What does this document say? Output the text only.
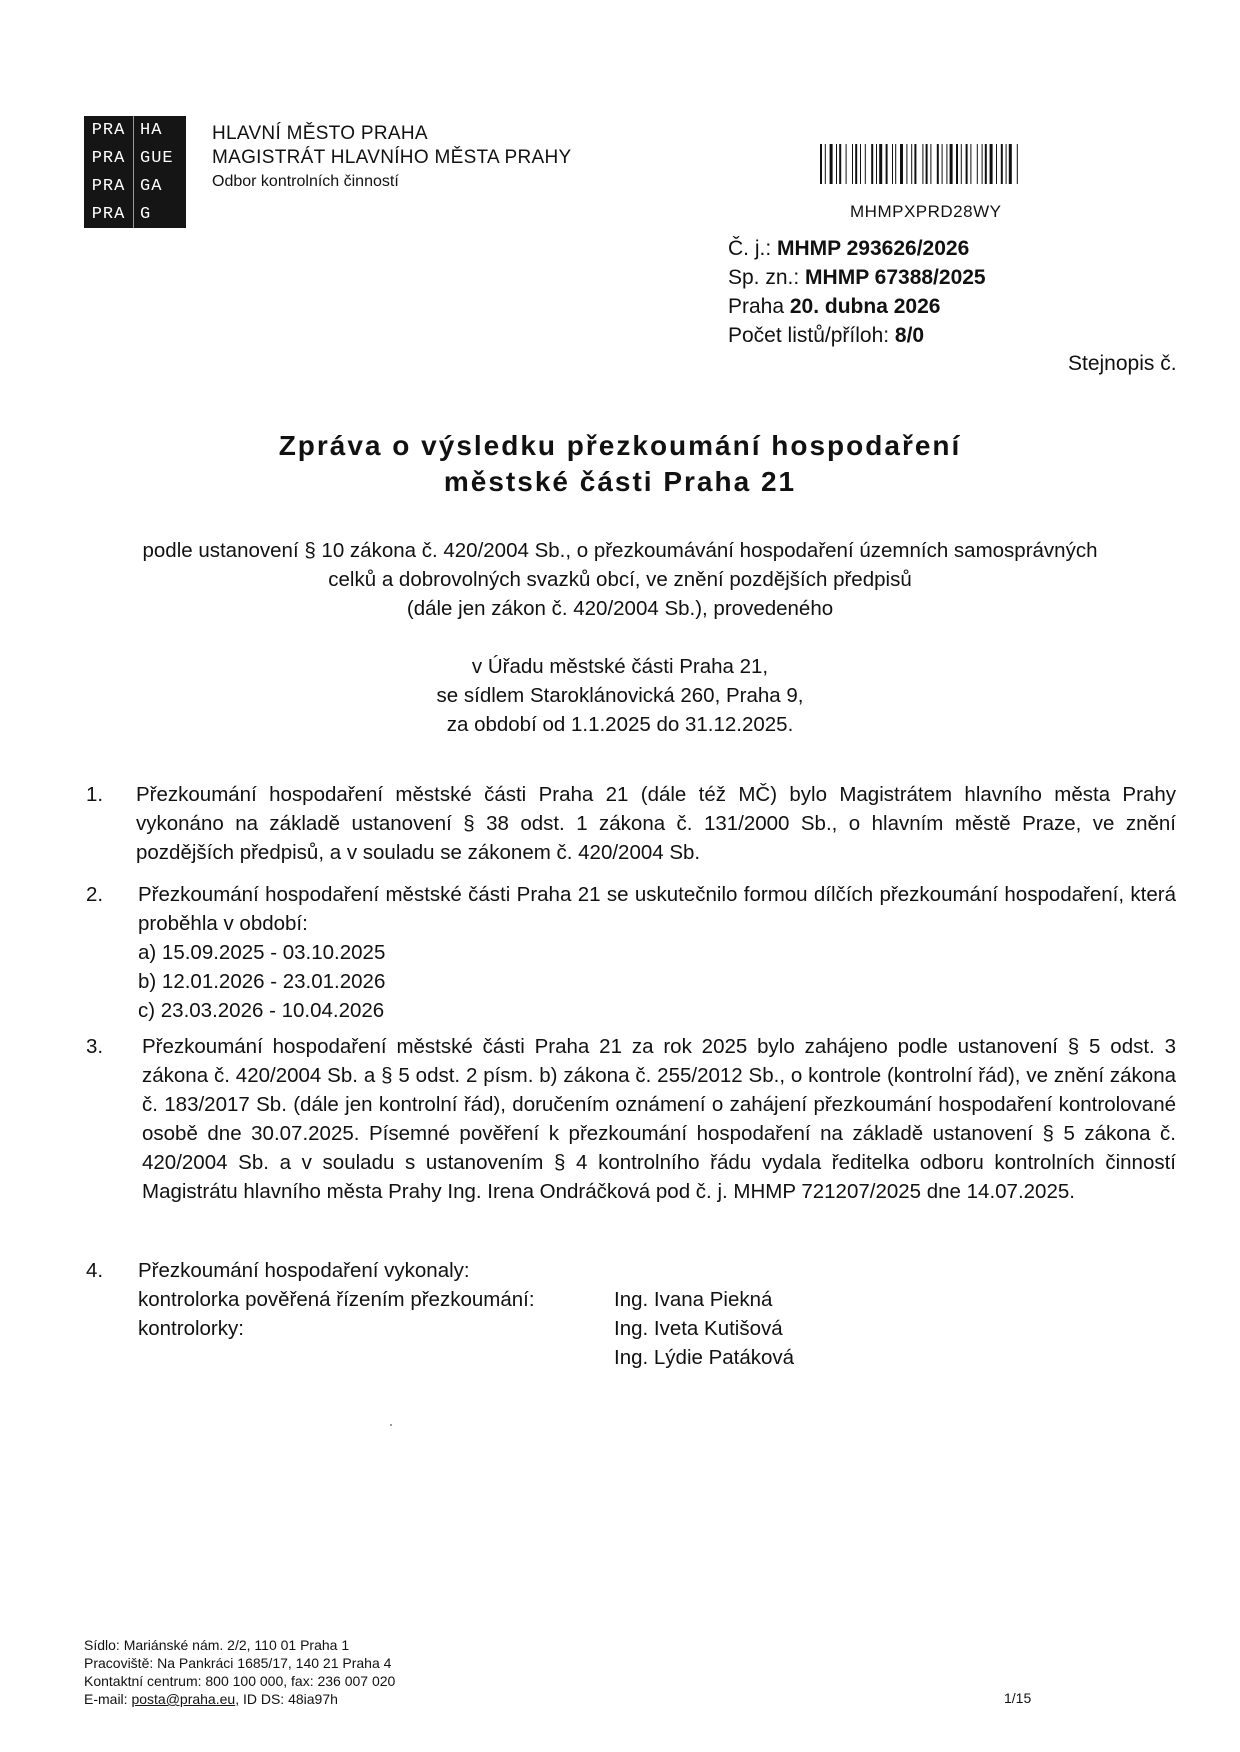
PRA HA
PRA GUE
PRA GA
PRA G
HLAVNÍ MĚSTO PRAHA
MAGISTRÁT HLAVNÍHO MĚSTA PRAHY
Odbor kontrolních činností
MHMPXPRD28WY
Č. j.: MHMP 293626/2026
Sp. zn.: MHMP 67388/2025
Praha 20. dubna 2026
Počet listů/příloh: 8/0
Stejnopis č.
Zpráva o výsledku přezkoumání hospodaření
městské části Praha 21
podle ustanovení § 10 zákona č. 420/2004 Sb., o přezkoumávání hospodaření územních samosprávných
celků a dobrovolných svazků obcí, ve znění pozdějších předpisů
(dále jen zákon č. 420/2004 Sb.), provedeného
v Úřadu městské části Praha 21,
se sídlem Staroklánovická 260, Praha 9,
za období od 1.1.2025 do 31.12.2025.
1.	Přezkoumání hospodaření městské části Praha 21 (dále též MČ) bylo Magistrátem hlavního města Prahy vykonáno na základě ustanovení § 38 odst. 1 zákona č. 131/2000 Sb., o hlavním městě Praze, ve znění pozdějších předpisů, a v souladu se zákonem č. 420/2004 Sb.
2.	Přezkoumání hospodaření městské části Praha 21 se uskutečnilo formou dílčích přezkoumání hospodaření, která proběhla v období:
a) 15.09.2025 - 03.10.2025
b) 12.01.2026 - 23.01.2026
c) 23.03.2026 - 10.04.2026
3.	Přezkoumání hospodaření městské části Praha 21 za rok 2025 bylo zahájeno podle ustanovení § 5 odst. 3 zákona č. 420/2004 Sb. a § 5 odst. 2 písm. b) zákona č. 255/2012 Sb., o kontrole (kontrolní řád), ve znění zákona č. 183/2017 Sb. (dále jen kontrolní řád), doručením oznámení o zahájení přezkoumání hospodaření kontrolované osobě dne 30.07.2025. Písemné pověření k přezkoumání hospodaření na základě ustanovení § 5 zákona č. 420/2004 Sb. a v souladu s ustanovením § 4 kontrolního řádu vydala ředitelka odboru kontrolních činností Magistrátu hlavního města Prahy Ing. Irena Ondráčková pod č. j. MHMP 721207/2025 dne 14.07.2025.
4.	Přezkoumání hospodaření vykonaly:
kontrolorka pověřená řízením přezkoumání:	Ing. Ivana Piekná
kontrolorky:	Ing. Iveta Kutišová
Ing. Lýdie Patáková
Sídlo: Mariánské nám. 2/2, 110 01 Praha 1
Pracoviště: Na Pankráci 1685/17, 140 21 Praha 4
Kontaktní centrum: 800 100 000, fax: 236 007 020
E-mail: posta@praha.eu, ID DS: 48ia97h	1/15
